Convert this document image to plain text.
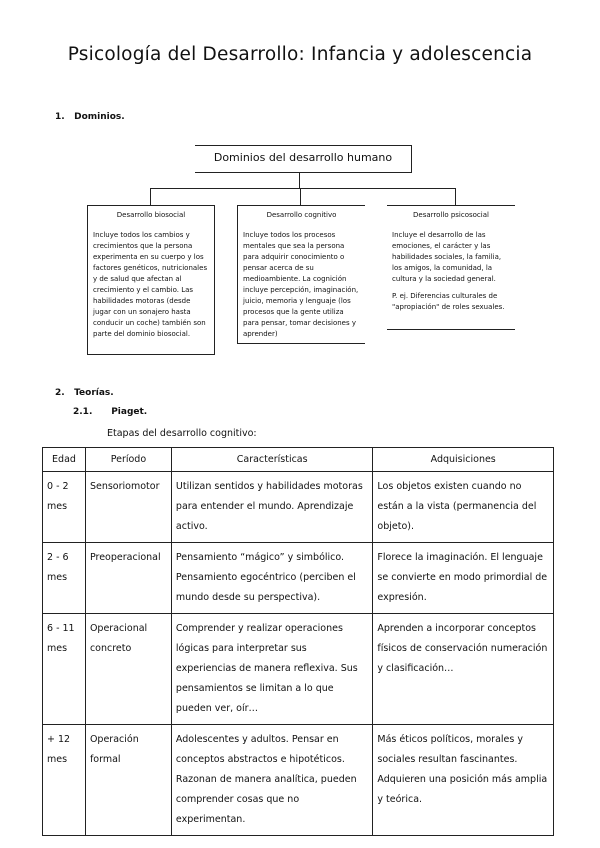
Psicología del Desarrollo: Infancia y adolescencia
1. Dominios.
Dominios del desarrollo humano
Desarrollo biosocial
Incluye todos los cambios y crecimientos que la persona experimenta en su cuerpo y los factores genéticos, nutricionales y de salud que afectan al crecimiento y el cambio. Las habilidades motoras (desde jugar con un sonajero hasta conducir un coche) también son parte del dominio biosocial.
Desarrollo cognitivo
Incluye todos los procesos mentales que sea la persona para adquirir conocimiento o pensar acerca de su medioambiente. La cognición incluye percepción, imaginación, juicio, memoria y lenguaje (los procesos que la gente utiliza para pensar, tomar decisiones y aprender)
Desarrollo psicosocial
Incluye el desarrollo de las emociones, el carácter y las habilidades sociales, la familia, los amigos, la comunidad, la cultura y la sociedad general.
P. ej. Diferencias culturales de "apropiación" de roles sexuales.
2. Teorías.
2.1. Piaget.
Etapas del desarrollo cognitivo:
Edad	Período	Características	Adquisiciones
0 - 2 mes	Sensoriomotor	Utilizan sentidos y habilidades motoras para entender el mundo. Aprendizaje activo.	Los objetos existen cuando no están a la vista (permanencia del objeto).
2 - 6 mes	Preoperacional	Pensamiento “mágico” y simbólico. Pensamiento egocéntrico (perciben el mundo desde su perspectiva).	Florece la imaginación. El lenguaje se convierte en modo primordial de expresión.
6 - 11 mes	Operacional concreto	Comprender y realizar operaciones lógicas para interpretar sus experiencias de manera reflexiva. Sus pensamientos se limitan a lo que pueden ver, oír…	Aprenden a incorporar conceptos físicos de conservación numeración y clasificación…
+ 12 mes	Operación formal	Adolescentes y adultos. Pensar en conceptos abstractos e hipotéticos. Razonan de manera analítica, pueden comprender cosas que no experimentan.	Más éticos políticos, morales y sociales resultan fascinantes. Adquieren una posición más amplia y teórica.
